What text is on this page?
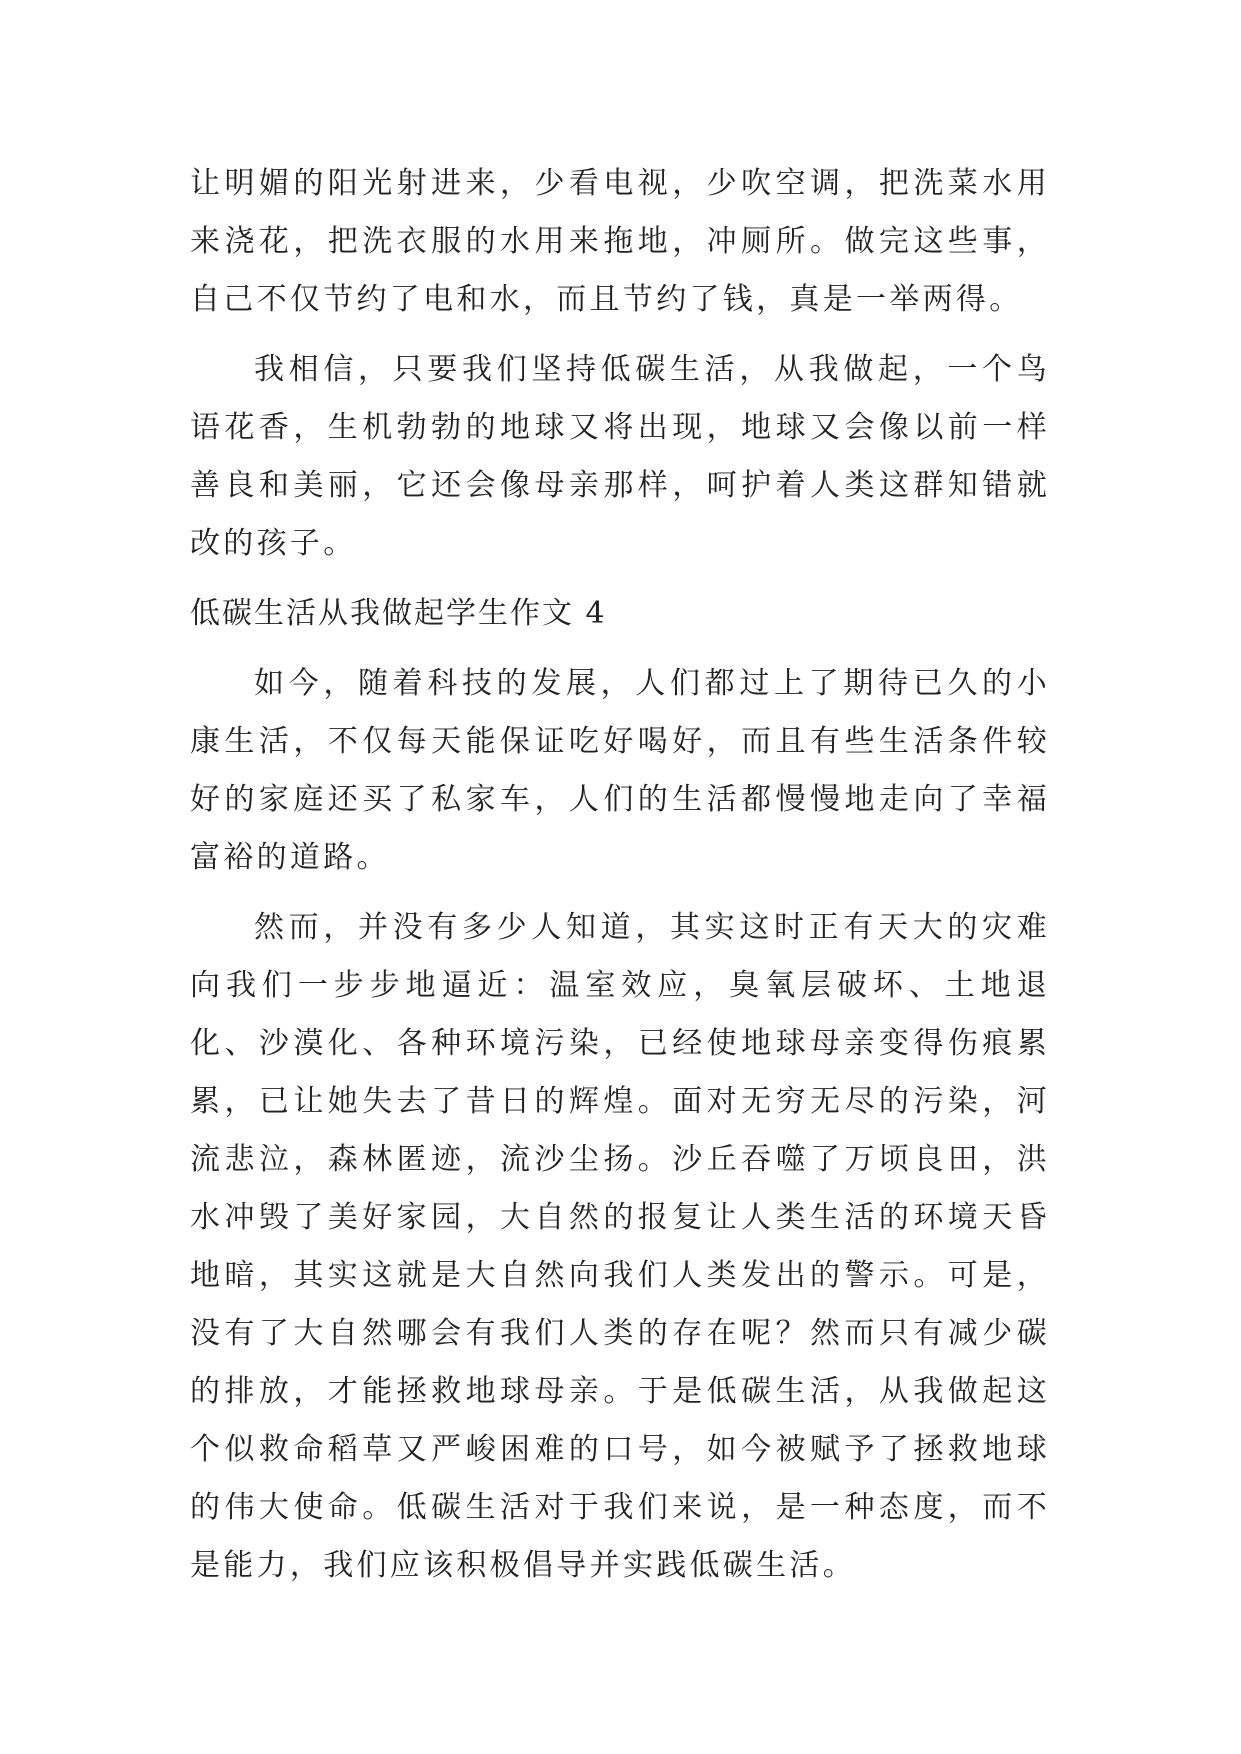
让明媚的阳光射进来，少看电视，少吹空调，把洗菜水用来浇花，把洗衣服的水用来拖地，冲厕所。做完这些事，自己不仅节约了电和水，而且节约了钱，真是一举两得。

我相信，只要我们坚持低碳生活，从我做起，一个鸟语花香，生机勃勃的地球又将出现，地球又会像以前一样善良和美丽，它还会像母亲那样，呵护着人类这群知错就改的孩子。

低碳生活从我做起学生作文 4

如今，随着科技的发展，人们都过上了期待已久的小康生活，不仅每天能保证吃好喝好，而且有些生活条件较好的家庭还买了私家车，人们的生活都慢慢地走向了幸福富裕的道路。

然而，并没有多少人知道，其实这时正有天大的灾难向我们一步步地逼近：温室效应，臭氧层破坏、土地退化、沙漠化、各种环境污染，已经使地球母亲变得伤痕累累，已让她失去了昔日的辉煌。面对无穷无尽的污染，河流悲泣，森林匿迹，流沙尘扬。沙丘吞噬了万顷良田，洪水冲毁了美好家园，大自然的报复让人类生活的环境天昏地暗，其实这就是大自然向我们人类发出的警示。可是，没有了大自然哪会有我们人类的存在呢？然而只有减少碳的排放，才能拯救地球母亲。于是低碳生活，从我做起这个似救命稻草又严峻困难的口号，如今被赋予了拯救地球的伟大使命。低碳生活对于我们来说，是一种态度，而不是能力，我们应该积极倡导并实践低碳生活。
